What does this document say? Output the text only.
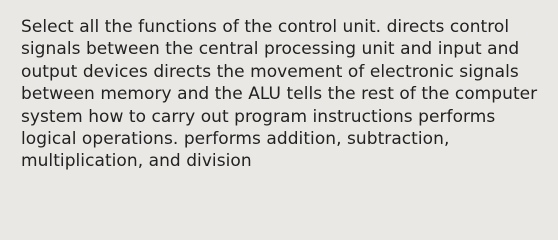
Select all the functions of the control unit. directs control signals between the central processing unit and input and output devices directs the movement of electronic signals between memory and the ALU tells the rest of the computer system how to carry out program instructions performs logical operations. performs addition, subtraction, multiplication, and division
